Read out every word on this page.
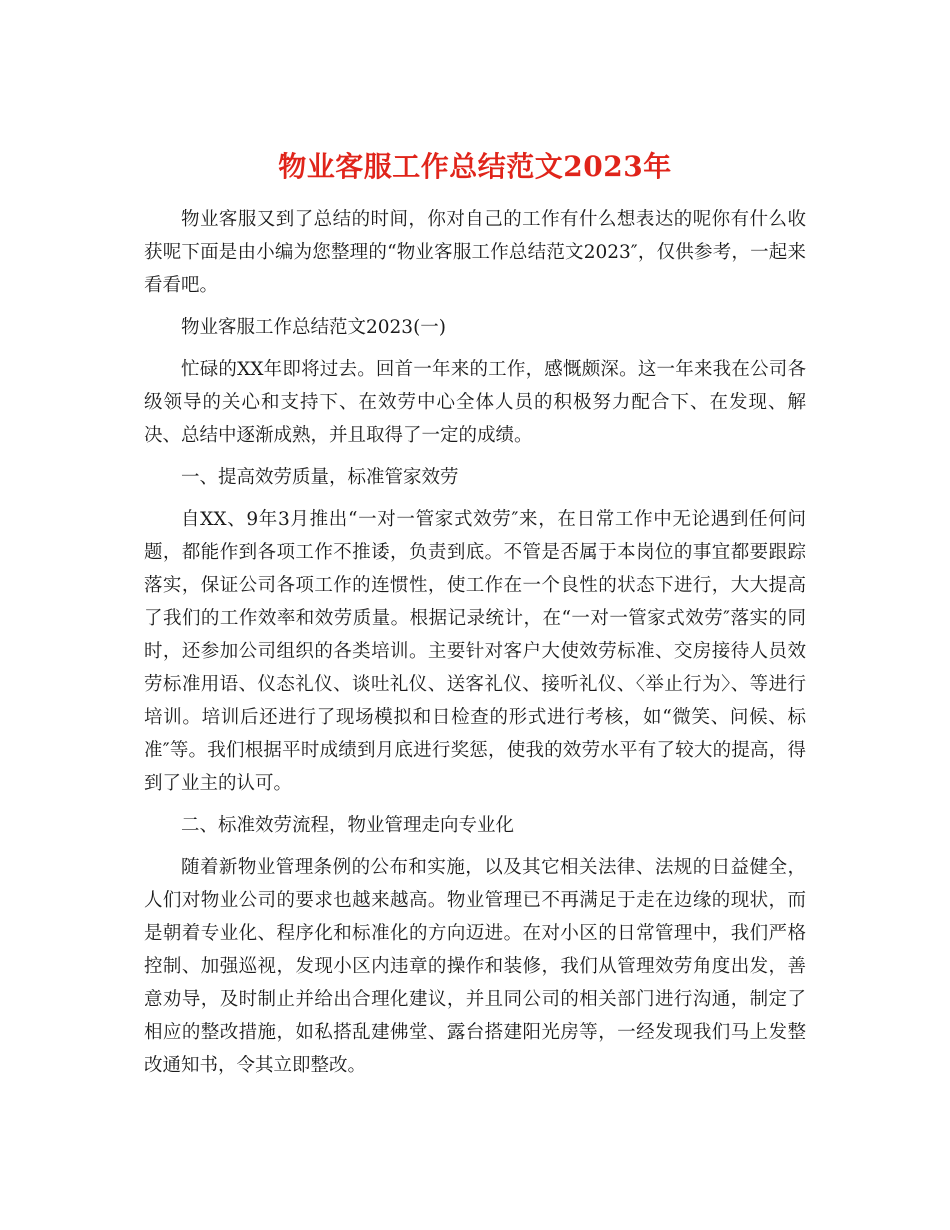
物业客服工作总结范文2023年

物业客服又到了总结的时间，你对自己的工作有什么想表达的呢你有什么收获呢下面是由小编为您整理的“物业客服工作总结范文2023″，仅供参考，一起来看看吧。

物业客服工作总结范文2023(一)

忙碌的XX年即将过去。回首一年来的工作，感慨颇深。这一年来我在公司各级领导的关心和支持下、在效劳中心全体人员的积极努力配合下、在发现、解决、总结中逐渐成熟，并且取得了一定的成绩。

一、提高效劳质量，标准管家效劳

自XX、9年3月推出“一对一管家式效劳″来，在日常工作中无论遇到任何问题，都能作到各项工作不推诿，负责到底。不管是否属于本岗位的事宜都要跟踪落实，保证公司各项工作的连惯性，使工作在一个良性的状态下进行，大大提高了我们的工作效率和效劳质量。根据记录统计，在“一对一管家式效劳″落实的同时，还参加公司组织的各类培训。主要针对客户大使效劳标准、交房接待人员效劳标准用语、仪态礼仪、谈吐礼仪、送客礼仪、接听礼仪、〈举止行为〉、等进行培训。培训后还进行了现场模拟和日检查的形式进行考核，如“微笑、问候、标准″等。我们根据平时成绩到月底进行奖惩，使我的效劳水平有了较大的提高，得到了业主的认可。

二、标准效劳流程，物业管理走向专业化

随着新物业管理条例的公布和实施，以及其它相关法律、法规的日益健全，人们对物业公司的要求也越来越高。物业管理已不再满足于走在边缘的现状，而是朝着专业化、程序化和标准化的方向迈进。在对小区的日常管理中，我们严格控制、加强巡视，发现小区内违章的操作和装修，我们从管理效劳角度出发，善意劝导，及时制止并给出合理化建议，并且同公司的相关部门进行沟通，制定了相应的整改措施，如私搭乱建佛堂、露台搭建阳光房等，一经发现我们马上发整改通知书，令其立即整改。
